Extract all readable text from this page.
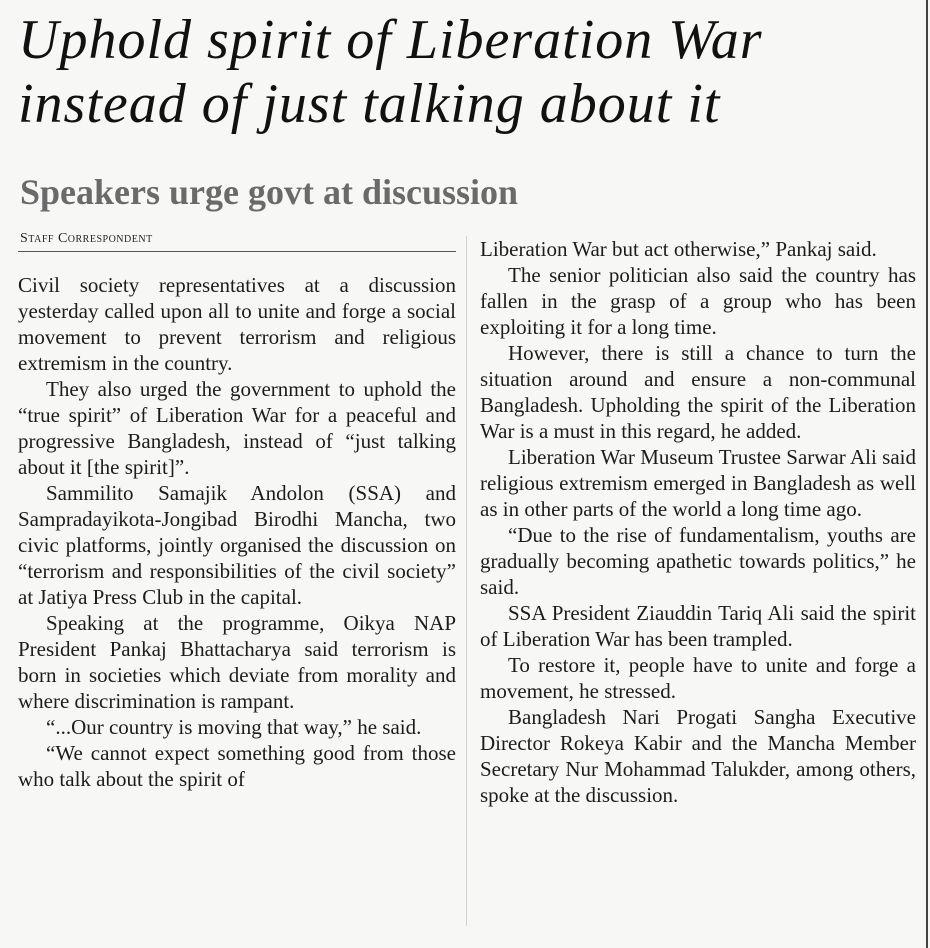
Uphold spirit of Liberation War instead of just talking about it
Speakers urge govt at discussion
Staff Correspondent

Civil society representatives at a discussion yesterday called upon all to unite and forge a social movement to prevent terrorism and religious extremism in the country.

They also urged the government to uphold the “true spirit” of Liberation War for a peaceful and progressive Bangladesh, instead of “just talking about it [the spirit]”.

Sammilito Samajik Andolon (SSA) and Sampradayikota-Jongibad Birodhi Mancha, two civic platforms, jointly organised the discussion on “terrorism and responsibilities of the civil society” at Jatiya Press Club in the capital.

Speaking at the programme, Oikya NAP President Pankaj Bhattacharya said terrorism is born in societies which deviate from morality and where discrimination is rampant.

“...Our country is moving that way,” he said.

“We cannot expect something good from those who talk about the spirit of

Liberation War but act otherwise,” Pankaj said.

The senior politician also said the country has fallen in the grasp of a group who has been exploiting it for a long time.

However, there is still a chance to turn the situation around and ensure a non-communal Bangladesh. Upholding the spirit of the Liberation War is a must in this regard, he added.

Liberation War Museum Trustee Sarwar Ali said religious extremism emerged in Bangladesh as well as in other parts of the world a long time ago.

“Due to the rise of fundamentalism, youths are gradually becoming apathetic towards politics,” he said.

SSA President Ziauddin Tariq Ali said the spirit of Liberation War has been trampled.

To restore it, people have to unite and forge a movement, he stressed.

Bangladesh Nari Progati Sangha Executive Director Rokeya Kabir and the Mancha Member Secretary Nur Mohammad Talukder, among others, spoke at the discussion.
